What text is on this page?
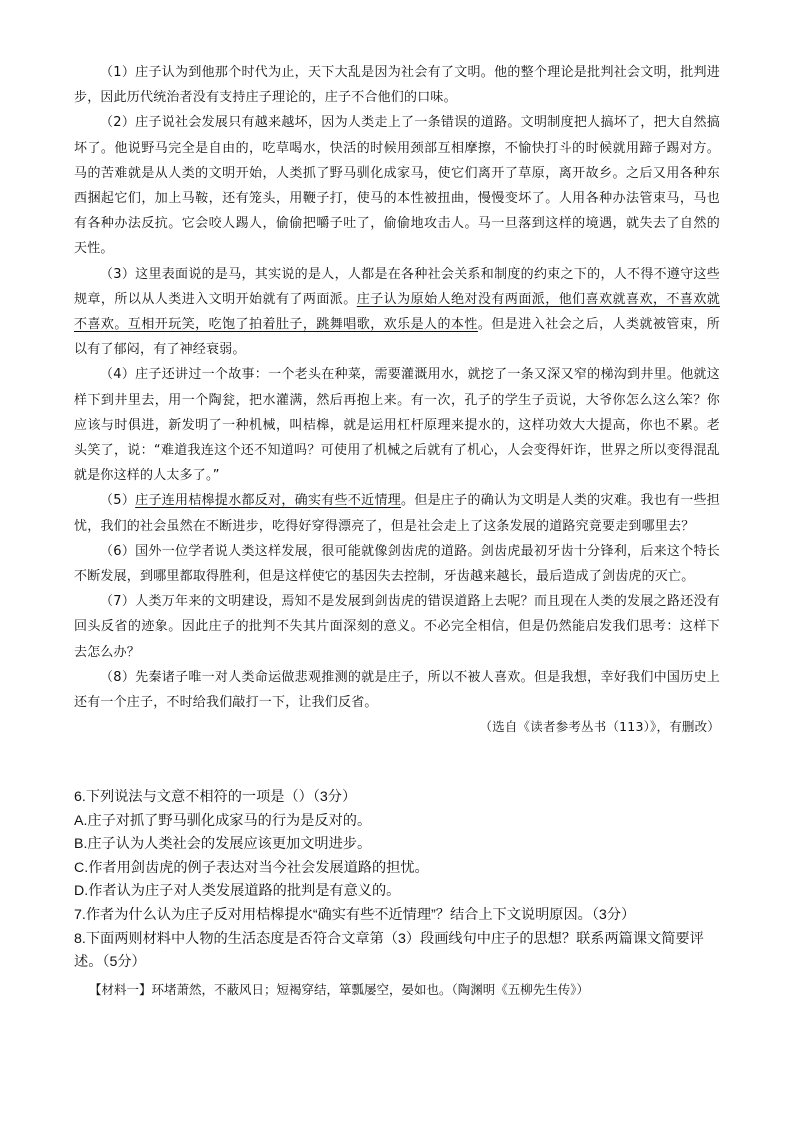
（1）庄子认为到他那个时代为止，天下大乱是因为社会有了文明。他的整个理论是批判社会文明，批判进步，因此历代统治者没有支持庄子理论的，庄子不合他们的口味。

（2）庄子说社会发展只有越来越坏，因为人类走上了一条错误的道路。文明制度把人搞坏了，把大自然搞坏了。他说野马完全是自由的，吃草喝水，快活的时候用颈部互相摩擦，不愉快打斗的时候就用蹄子踢对方。马的苦难就是从人类的文明开始，人类抓了野马驯化成家马，使它们离开了草原，离开故乡。之后又用各种东西捆起它们，加上马鞍，还有笼头，用鞭子打，使马的本性被扭曲，慢慢变坏了。人用各种办法管束马，马也有各种办法反抗。它会咬人踢人，偷偷把嚼子吐了，偷偷地攻击人。马一旦落到这样的境遇，就失去了自然的天性。

（3）这里表面说的是马，其实说的是人，人都是在各种社会关系和制度的约束之下的，人不得不遵守这些规章，所以从人类进入文明开始就有了两面派。庄子认为原始人绝对没有两面派，他们喜欢就喜欢，不喜欢就不喜欢。互相开玩笑，吃饱了拍着肚子，跳舞唱歌，欢乐是人的本性。但是进入社会之后，人类就被管束，所以有了郁闷，有了神经衰弱。

（4）庄子还讲过一个故事：一个老头在种菜，需要灌溉用水，就挖了一条又深又窄的梯沟到井里。他就这样下到井里去，用一个陶瓮，把水灌满，然后再抱上来。有一次，孔子的学生子贡说，大爷你怎么这么笨？你应该与时俱进，新发明了一种机械，叫桔槔，就是运用杠杆原理来提水的，这样功效大大提高，你也不累。老头笑了，说：“难道我连这个还不知道吗？可使用了机械之后就有了机心，人会变得奸诈，世界之所以变得混乱就是你这样的人太多了。”

（5）庄子连用桔槔提水都反对，确实有些不近情理。但是庄子的确认为文明是人类的灾难。我也有一些担忧，我们的社会虽然在不断进步，吃得好穿得漂亮了，但是社会走上了这条发展的道路究竟要走到哪里去？

（6）国外一位学者说人类这样发展，很可能就像剑齿虎的道路。剑齿虎最初牙齿十分锋利，后来这个特长不断发展，到哪里都取得胜利，但是这样使它的基因失去控制，牙齿越来越长，最后造成了剑齿虎的灭亡。

（7）人类万年来的文明建设，焉知不是发展到剑齿虎的错误道路上去呢？而且现在人类的发展之路还没有回头反省的迹象。因此庄子的批判不失其片面深刻的意义。不必完全相信，但是仍然能启发我们思考：这样下去怎么办？

（8）先秦诸子唯一对人类命运做悲观推测的就是庄子，所以不被人喜欢。但是我想，幸好我们中国历史上还有一个庄子，不时给我们敲打一下，让我们反省。

（选自《读者参考丛书（113）》，有删改）
6.下列说法与文意不相符的一项是（）（3分）
A.庄子对抓了野马驯化成家马的行为是反对的。
B.庄子认为人类社会的发展应该更加文明进步。
C.作者用剑齿虎的例子表达对当今社会发展道路的担忧。
D.作者认为庄子对人类发展道路的批判是有意义的。
7.作者为什么认为庄子反对用桔槔提水“确实有些不近情理”？结合上下文说明原因。（3分）
8.下面两则材料中人物的生活态度是否符合文章第（3）段画线句中庄子的思想？联系两篇课文简要评
述。（5分）
【材料一】环堵萧然，不蔽风日；短褐穿结，箪瓢屡空，晏如也。（陶渊明《五柳先生传》）
